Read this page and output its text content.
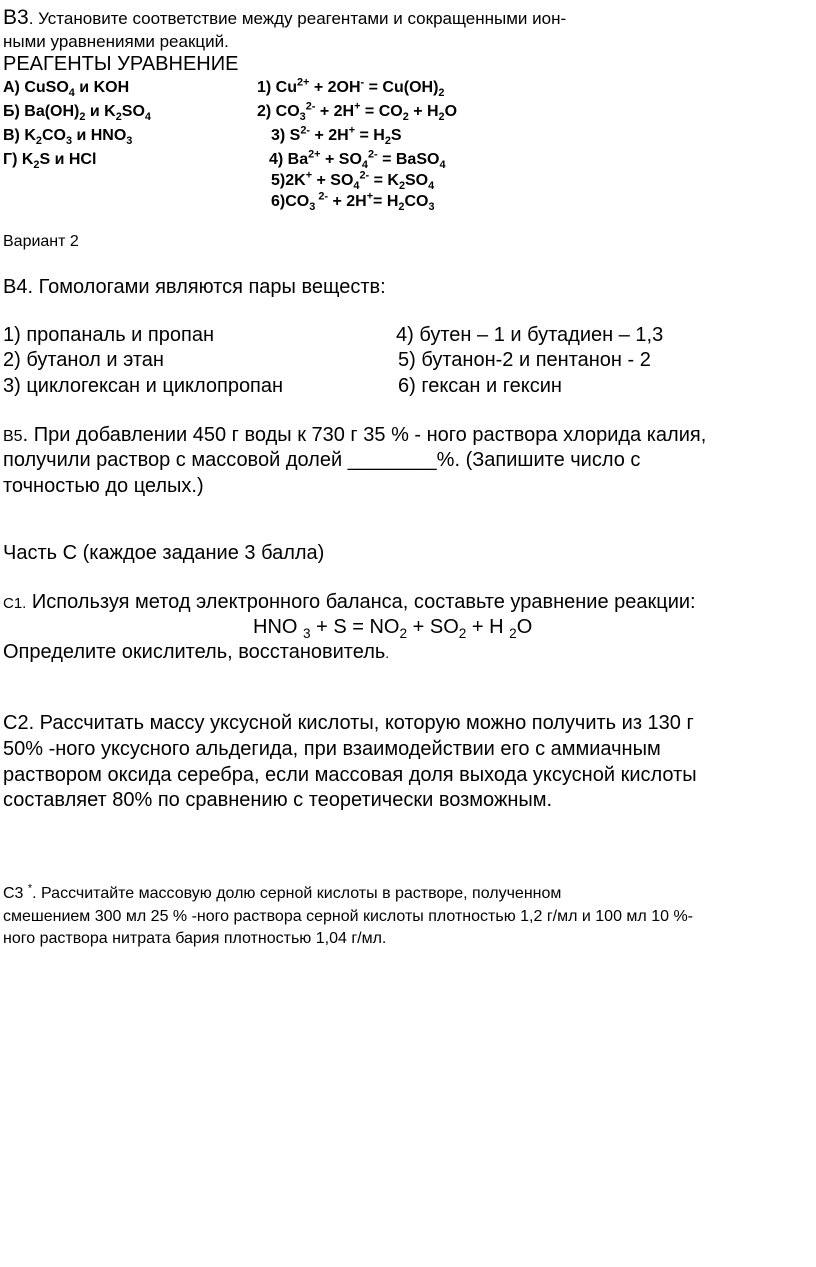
В3. Установите соответствие между реагентами и сокращенными ион-
ными уравнениями реакций.
РЕАГЕНТЫ УРАВНЕНИЕ
А) CuSO$_4$ и KOH
Б) $Ba(OH)_2$ и $K_2SO_4$
В) $K_2CO_3$ и $HNO_3$
Г) $K_2S$ и HCl
1) $Cu^{2+} + 2OH^- = Cu(OH)_2$
2) $CO_3^{2-} + 2H^+ = CO_2 + H_2O$
3) $S^{2-} + 2H^+ = H_2S$
4) $Ba^{2+} + SO_4^{2-}$ = BaSO$_4$
$5)2K^+ + SO_4^{2-} = K_2SO_4$
$6)CO_3$ $^{2-} + 2H^+= H_2CO_3$
Вариант 2
В4. Гомологами являются пары веществ:
1) пропаналь и пропан
2) бутанол и этан
3) циклогексан и циклопропан
4) бутен – 1 и бутадиен – 1,3
5) бутанон-2 и пентанон - 2
6) гексан и гексин
В5. При добавлении 450 г воды к 730 г 35 % - ного раствора хлорида калия,
получили раствор с массовой долей ________%. (Запишите число с
точностью до целых.)
Часть С (каждое задание 3 балла)
С1. Используя метод электронного баланса, составьте уравнение реакции:
HNO $_3 + S = NO_2 + SO_2 + H$ $_2$O
Определите окислитель, восстановитель.
С2. Рассчитать массу уксусной кислоты, которую можно получить из 130 г
50% -ного уксусного альдегида, при взаимодействии его с аммиачным
раствором оксида серебра, если массовая доля выхода уксусной кислоты
составляет 80% по сравнению с теоретически возможным.
С3 *. Рассчитайте массовую долю серной кислоты в растворе, полученном
смешением 300 мл 25 % -ного раствора серной кислоты плотностью 1,2 г/мл и 100 мл 10 %-
ного раствора нитрата бария плотностью 1,04 г/мл.
